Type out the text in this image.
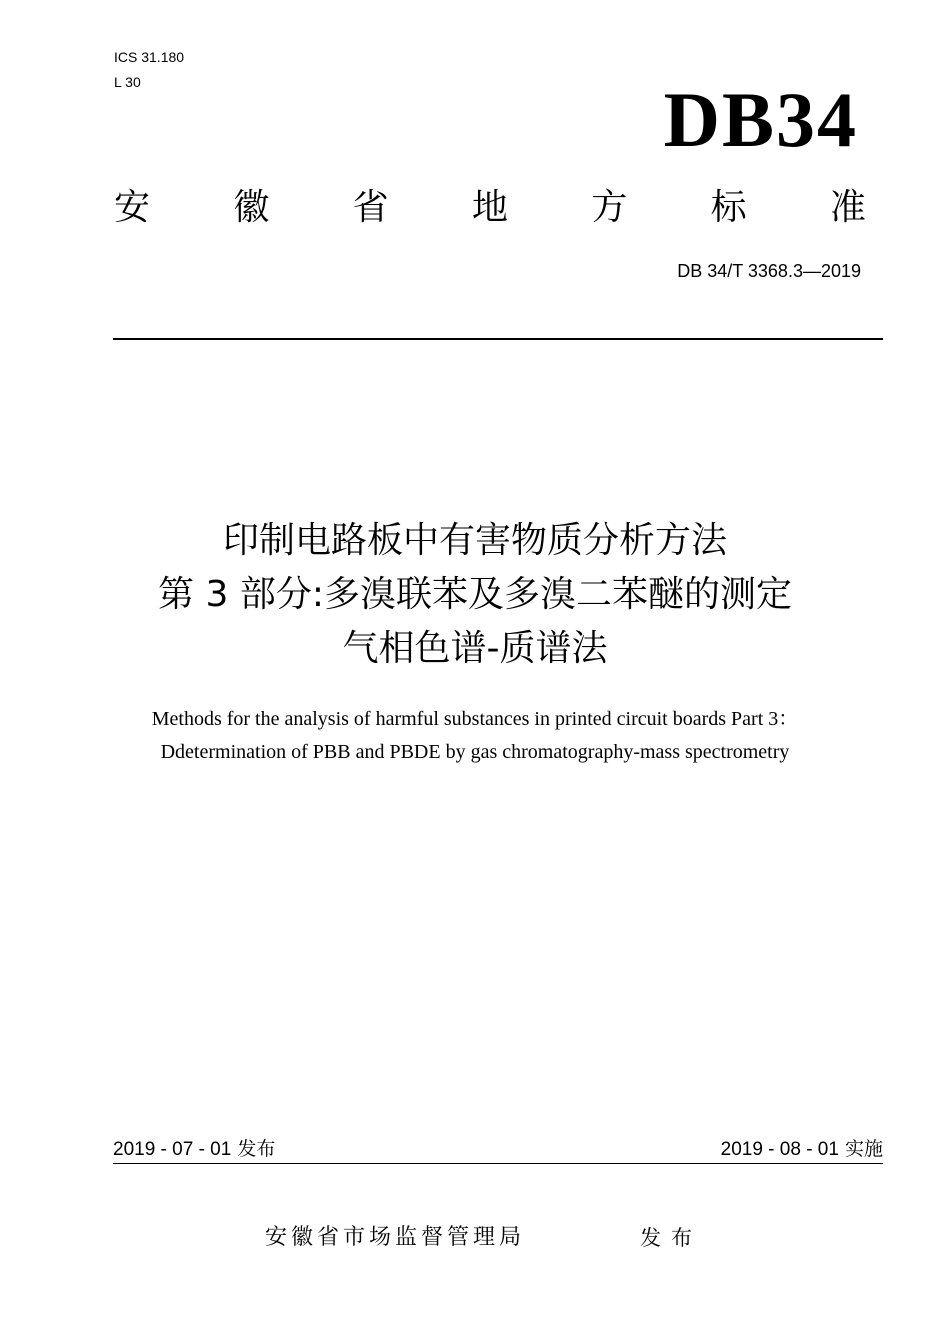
ICS 31.180
L 30	DB34
安 徽 省 地 方 标 准
DB 34/T 3368.3—2019
印制电路板中有害物质分析方法
第 3 部分:多溴联苯及多溴二苯醚的测定
气相色谱-质谱法
Methods for the analysis of harmful substances in printed circuit boards Part 3：
Ddetermination of PBB and PBDE by gas chromatography-mass spectrometry
2019 - 07 - 01 发布	2019 - 08 - 01 实施
安徽省市场监督管理局	发布
